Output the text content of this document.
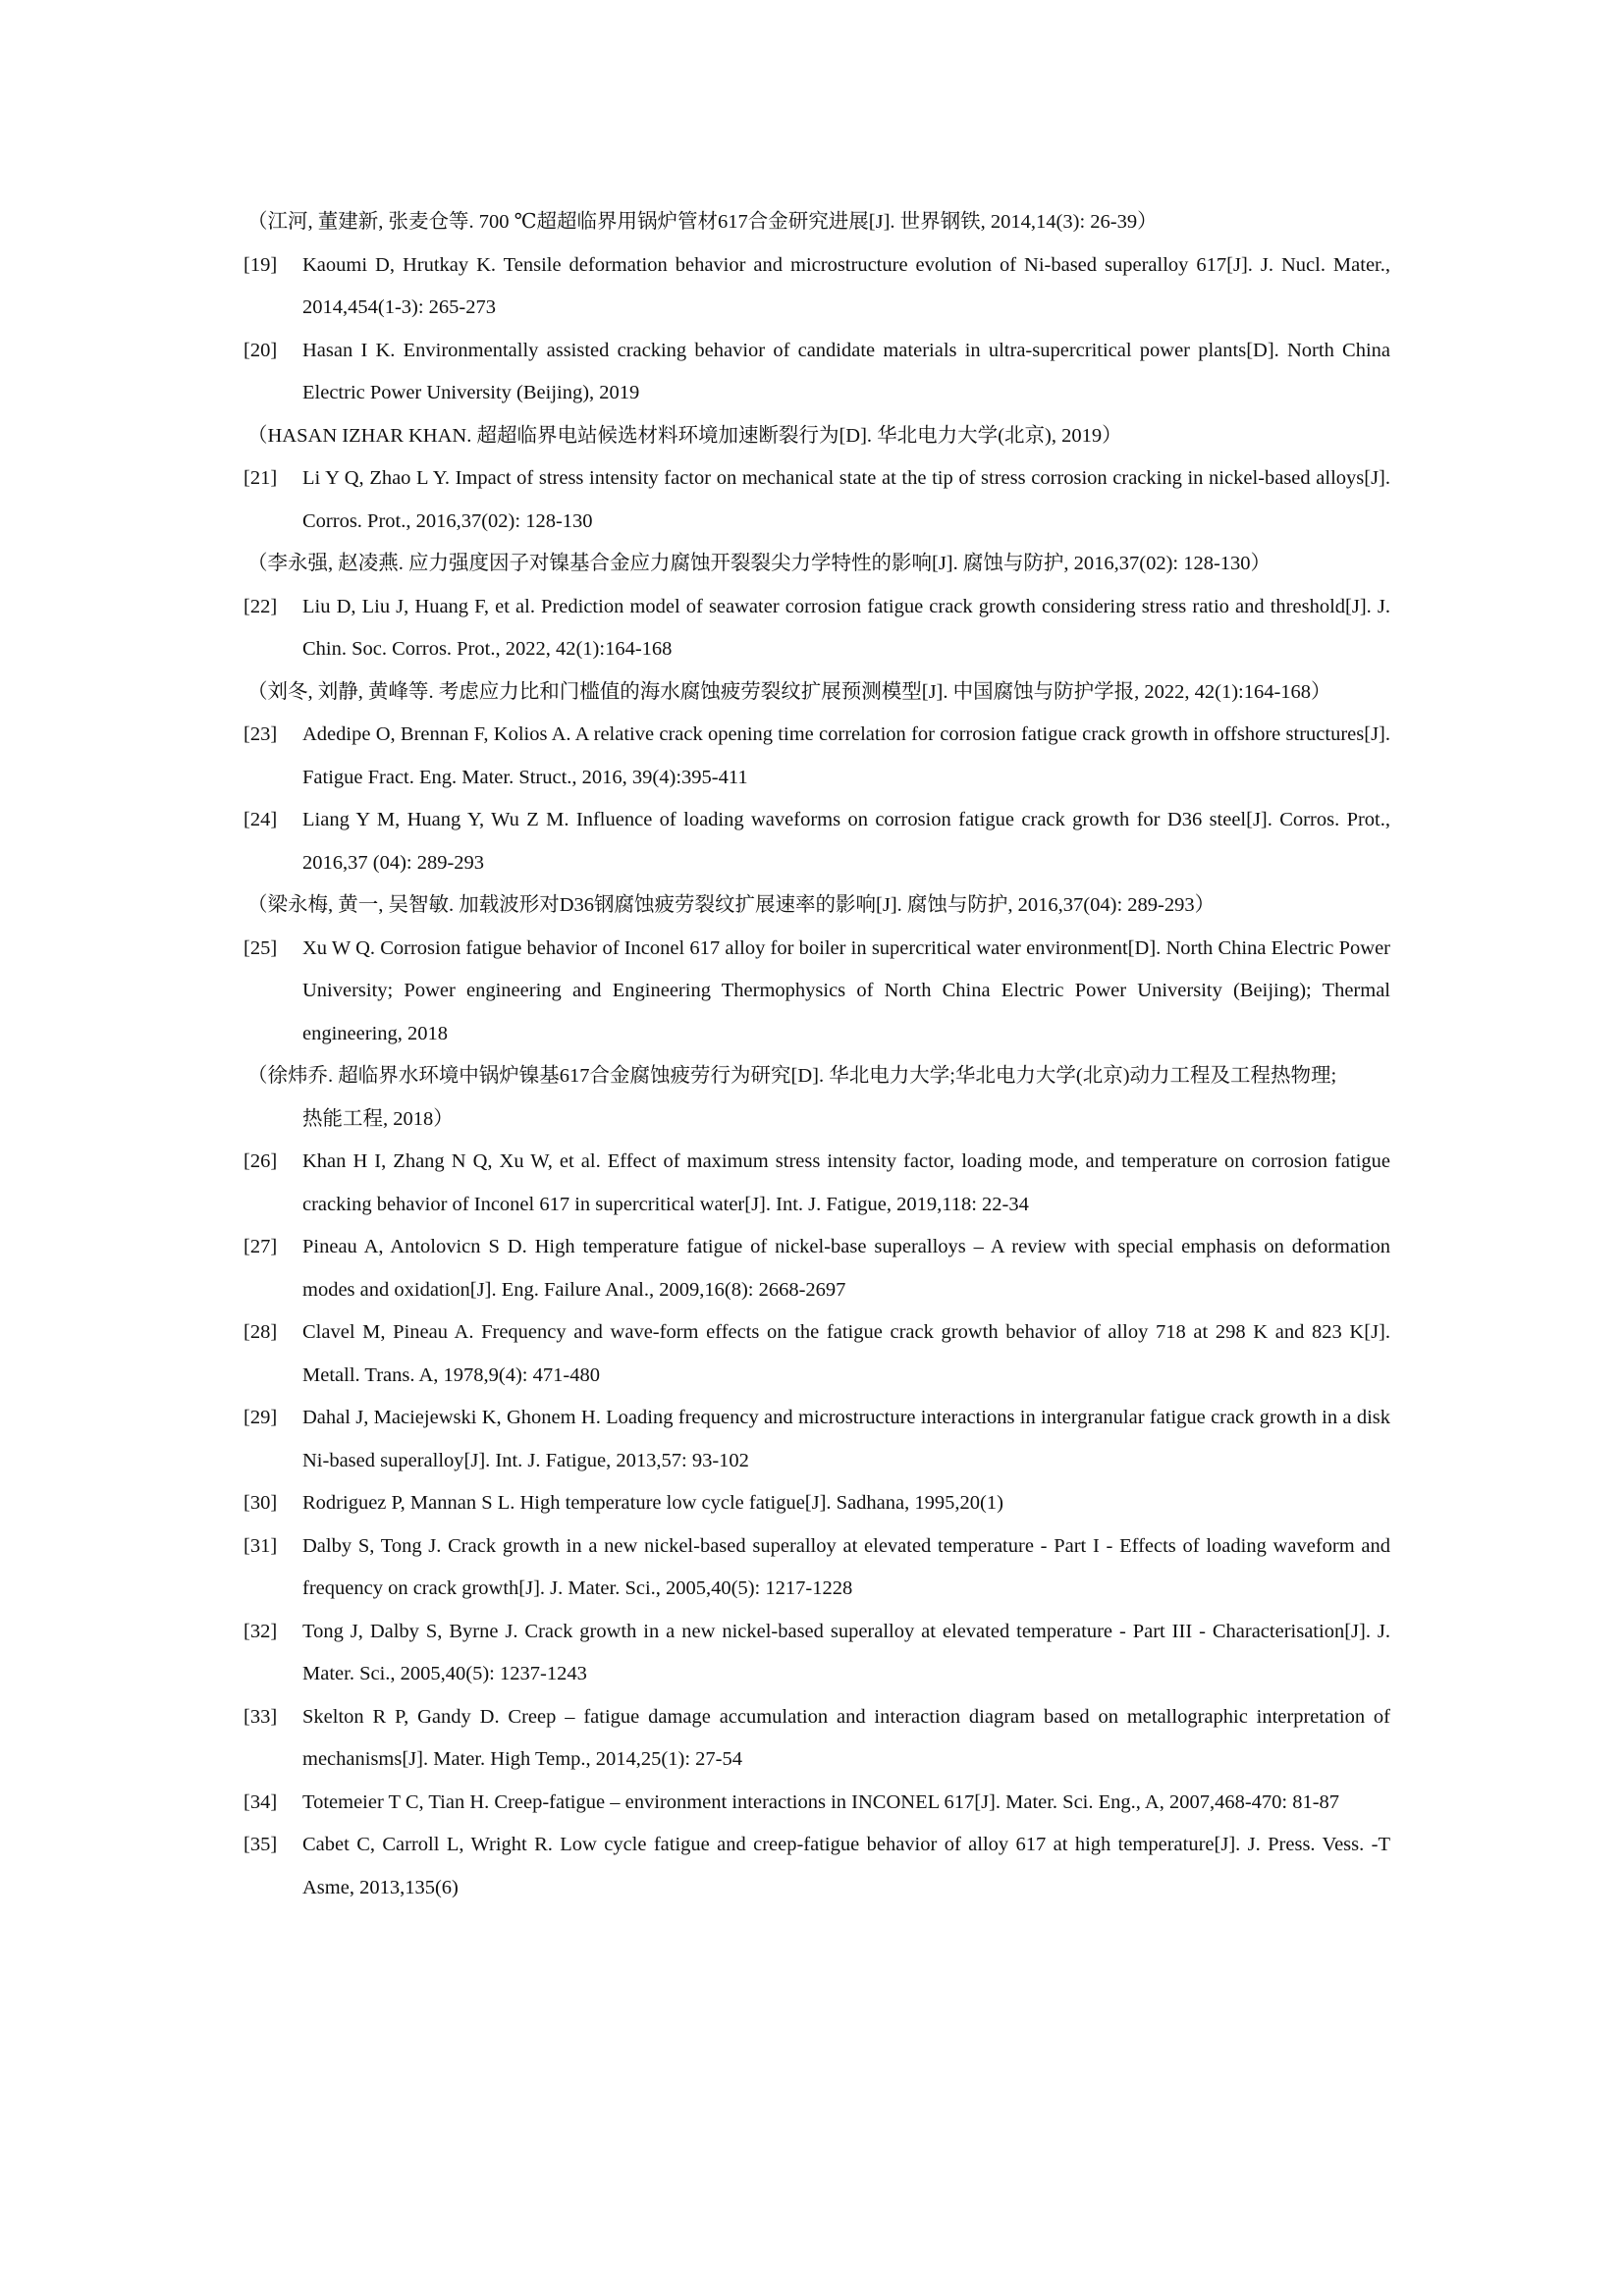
（江河, 董建新, 张麦仓等. 700 ℃超超临界用锅炉管材617合金研究进展[J]. 世界钢铁, 2014,14(3): 26-39）
[19]	Kaoumi D, Hrutkay K. Tensile deformation behavior and microstructure evolution of Ni-based superalloy 617[J]. J. Nucl. Mater., 2014,454(1-3): 265-273
[20]	Hasan I K. Environmentally assisted cracking behavior of candidate materials in ultra-supercritical power plants[D]. North China Electric Power University (Beijing), 2019
（HASAN IZHAR KHAN. 超超临界电站候选材料环境加速断裂行为[D]. 华北电力大学(北京), 2019）
[21]	Li Y Q, Zhao L Y. Impact of stress intensity factor on mechanical state at the tip of stress corrosion cracking in nickel-based alloys[J]. Corros. Prot., 2016,37(02): 128-130
（李永强, 赵凌燕. 应力强度因子对镍基合金应力腐蚀开裂裂尖力学特性的影响[J]. 腐蚀与防护, 2016,37(02): 128-130）
[22]	Liu D, Liu J, Huang F, et al. Prediction model of seawater corrosion fatigue crack growth considering stress ratio and threshold[J]. J. Chin. Soc. Corros. Prot., 2022, 42(1):164-168
（刘冬, 刘静, 黄峰等. 考虑应力比和门槛值的海水腐蚀疲劳裂纹扩展预测模型[J]. 中国腐蚀与防护学报, 2022, 42(1):164-168）
[23]	Adedipe O, Brennan F, Kolios A. A relative crack opening time correlation for corrosion fatigue crack growth in offshore structures[J]. Fatigue Fract. Eng. Mater. Struct., 2016, 39(4):395-411
[24]	Liang Y M, Huang Y, Wu Z M. Influence of loading waveforms on corrosion fatigue crack growth for D36 steel[J]. Corros. Prot., 2016,37 (04): 289-293
（梁永梅, 黄一, 吴智敏. 加载波形对D36钢腐蚀疲劳裂纹扩展速率的影响[J]. 腐蚀与防护, 2016,37(04): 289-293）
[25]	Xu W Q. Corrosion fatigue behavior of Inconel 617 alloy for boiler in supercritical water environment[D]. North China Electric Power University; Power engineering and Engineering Thermophysics of North China Electric Power University (Beijing); Thermal engineering, 2018
（徐炜乔. 超临界水环境中锅炉镍基617合金腐蚀疲劳行为研究[D]. 华北电力大学;华北电力大学(北京)动力工程及工程热物理;
热能工程, 2018）
[26]	Khan H I, Zhang N Q, Xu W, et al. Effect of maximum stress intensity factor, loading mode, and temperature on corrosion fatigue cracking behavior of Inconel 617 in supercritical water[J]. Int. J. Fatigue, 2019,118: 22-34
[27]	Pineau A, Antolovicn S D. High temperature fatigue of nickel-base superalloys – A review with special emphasis on deformation modes and oxidation[J]. Eng. Failure Anal., 2009,16(8): 2668-2697
[28]	Clavel M, Pineau A. Frequency and wave-form effects on the fatigue crack growth behavior of alloy 718 at 298 K and 823 K[J]. Metall. Trans. A, 1978,9(4): 471-480
[29]	Dahal J, Maciejewski K, Ghonem H. Loading frequency and microstructure interactions in intergranular fatigue crack growth in a disk Ni-based superalloy[J]. Int. J. Fatigue, 2013,57: 93-102
[30]	Rodriguez P, Mannan S L. High temperature low cycle fatigue[J]. Sadhana, 1995,20(1)
[31]	Dalby S, Tong J. Crack growth in a new nickel-based superalloy at elevated temperature - Part I - Effects of loading waveform and frequency on crack growth[J]. J. Mater. Sci., 2005,40(5): 1217-1228
[32]	Tong J, Dalby S, Byrne J. Crack growth in a new nickel-based superalloy at elevated temperature - Part III - Characterisation[J]. J. Mater. Sci., 2005,40(5): 1237-1243
[33]	Skelton R P, Gandy D. Creep – fatigue damage accumulation and interaction diagram based on metallographic interpretation of mechanisms[J]. Mater. High Temp., 2014,25(1): 27-54
[34]	Totemeier T C, Tian H. Creep-fatigue – environment interactions in INCONEL 617[J]. Mater. Sci. Eng., A, 2007,468-470: 81-87
[35]	Cabet C, Carroll L, Wright R. Low cycle fatigue and creep-fatigue behavior of alloy 617 at high temperature[J]. J. Press. Vess. -T Asme, 2013,135(6)
